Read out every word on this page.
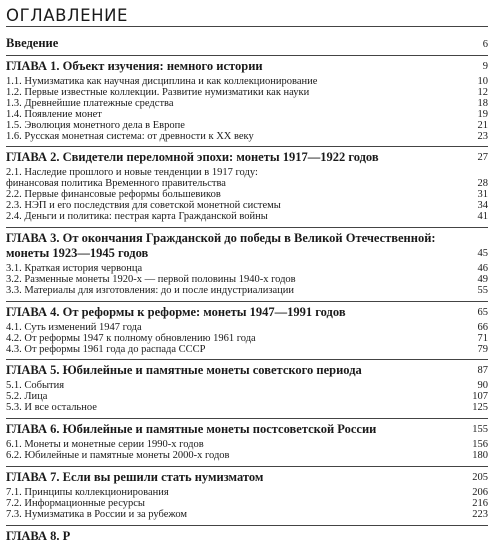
ОГЛАВЛЕНИЕ
Введение	6
ГЛАВА 1. Объект изучения: немного истории	9
1.1. Нумизматика как научная дисциплина и как коллекционирование	10
1.2. Первые известные коллекции. Развитие нумизматики как науки	12
1.3. Древнейшие платежные средства	18
1.4. Появление монет	19
1.5. Эволюция монетного дела в Европе	21
1.6. Русская монетная система: от древности к XX веку	23
ГЛАВА 2. Свидетели переломной эпохи: монеты 1917—1922 годов	27
2.1. Наследие прошлого и новые тенденции в 1917 году:
финансовая политика Временного правительства	28
2.2. Первые финансовые реформы большевиков	31
2.3. НЭП и его последствия для советской монетной системы	34
2.4. Деньги и политика: пестрая карта Гражданской войны	41
ГЛАВА 3. От окончания Гражданской до победы в Великой Отечественной:
монеты 1923—1945 годов	45
3.1. Краткая история червонца	46
3.2. Разменные монеты 1920-х — первой половины 1940-х годов	49
3.3. Материалы для изготовления: до и после индустриализации	55
ГЛАВА 4. От реформы к реформе: монеты 1947—1991 годов	65
4.1. Суть изменений 1947 года	66
4.2. От реформы 1947 к полному обновлению 1961 года	71
4.3. От реформы 1961 года до распада СССР	79
ГЛАВА 5. Юбилейные и памятные монеты советского периода	87
5.1. События	90
5.2. Лица	107
5.3. И все остальное	125
ГЛАВА 6. Юбилейные и памятные монеты постсоветской России	155
6.1. Монеты и монетные серии 1990-х годов	156
6.2. Юбилейные и памятные монеты 2000-х годов	180
ГЛАВА 7. Если вы решили стать нумизматом	205
7.1. Принципы коллекционирования	206
7.2. Информационные ресурсы	216
7.3. Нумизматика в России и за рубежом	223
ГЛАВА 8. Р
